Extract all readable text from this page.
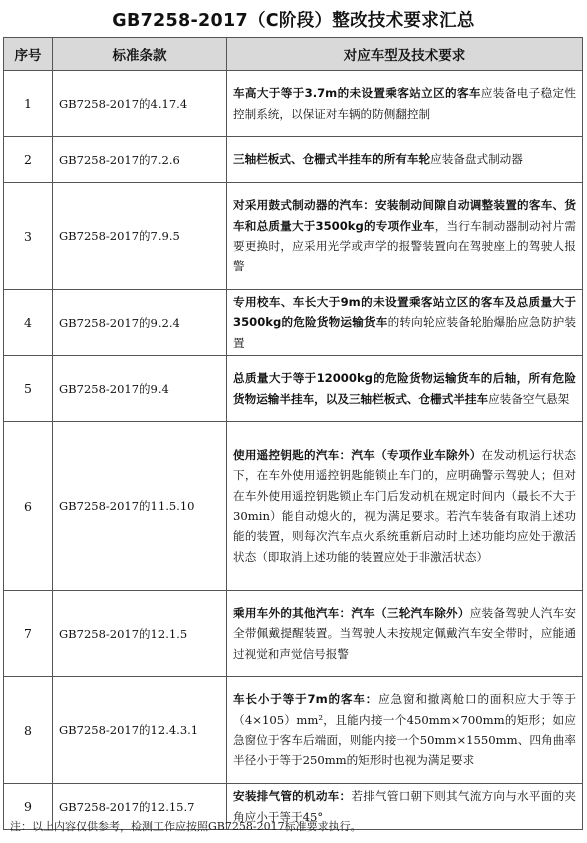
GB7258-2017（C阶段）整改技术要求汇总
序号	标准条款	对应车型及技术要求
1	GB7258-2017的4.17.4	车高大于等于3.7m的未设置乘客站立区的客车应装备电子稳定性控制系统，以保证对车辆的防侧翻控制
2	GB7258-2017的7.2.6	三轴栏板式、仓栅式半挂车的所有车轮应装备盘式制动器
3	GB7258-2017的7.9.5	对采用鼓式制动器的汽车：安装制动间隙自动调整装置的客车、货车和总质量大于3500kg的专项作业车，当行车制动器制动衬片需要更换时，应采用光学或声学的报警装置向在驾驶座上的驾驶人报警
4	GB7258-2017的9.2.4	专用校车、车长大于9m的未设置乘客站立区的客车及总质量大于3500kg的危险货物运输货车的转向轮应装备轮胎爆胎应急防护装置
5	GB7258-2017的9.4	总质量大于等于12000kg的危险货物运输货车的后轴，所有危险货物运输半挂车，以及三轴栏板式、仓栅式半挂车应装备空气悬架
6	GB7258-2017的11.5.10	使用遥控钥匙的汽车：汽车（专项作业车除外）在发动机运行状态下，在车外使用遥控钥匙能锁止车门的，应明确警示驾驶人；但对在车外使用遥控钥匙锁止车门后发动机在规定时间内（最长不大于30min）能自动熄火的，视为满足要求。若汽车装备有取消上述功能的装置，则每次汽车点火系统重新启动时上述功能均应处于激活状态（即取消上述功能的装置应处于非激活状态）
7	GB7258-2017的12.1.5	乘用车外的其他汽车：汽车（三轮汽车除外）应装备驾驶人汽车安全带佩戴提醒装置。当驾驶人未按规定佩戴汽车安全带时，应能通过视觉和声觉信号报警
8	GB7258-2017的12.4.3.1	车长小于等于7m的客车：应急窗和撤离舱口的面积应大于等于（4×105）mm²，且能内接一个450mm×700mm的矩形；如应急窗位于客车后端面，则能内接一个50mm×1550mm、四角曲率半径小于等于250mm的矩形时也视为满足要求
9	GB7258-2017的12.15.7	安装排气管的机动车：若排气管口朝下则其气流方向与水平面的夹角应小于等于45°
注：以上内容仅供参考，检测工作应按照GB7258-2017标准要求执行。
